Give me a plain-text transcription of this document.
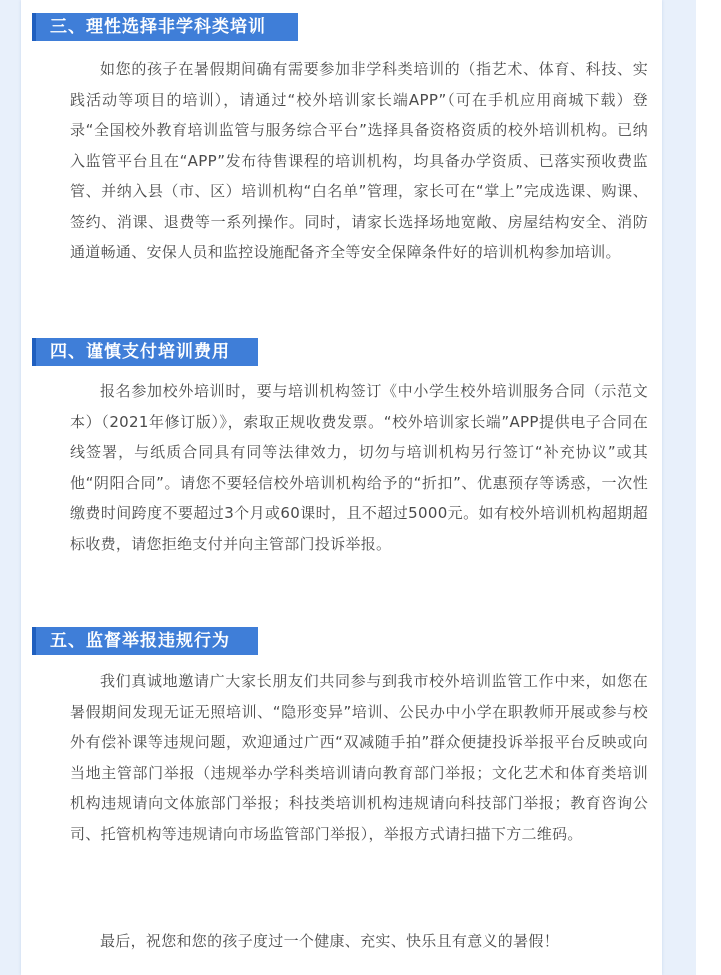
三、理性选择非学科类培训

如您的孩子在暑假期间确有需要参加非学科类培训的（指艺术、体育、科技、实践活动等项目的培训），请通过“校外培训家长端APP”（可在手机应用商城下载）登录“全国校外教育培训监管与服务综合平台”选择具备资格资质的校外培训机构。已纳入监管平台且在“APP”发布待售课程的培训机构，均具备办学资质、已落实预收费监管、并纳入县（市、区）培训机构“白名单”管理，家长可在“掌上”完成选课、购课、签约、消课、退费等一系列操作。同时，请家长选择场地宽敞、房屋结构安全、消防通道畅通、安保人员和监控设施配备齐全等安全保障条件好的培训机构参加培训。

四、谨慎支付培训费用

报名参加校外培训时，要与培训机构签订《中小学生校外培训服务合同（示范文本）（2021年修订版）》，索取正规收费发票。“校外培训家长端”APP提供电子合同在线签署，与纸质合同具有同等法律效力，切勿与培训机构另行签订“补充协议”或其他“阴阳合同”。请您不要轻信校外培训机构给予的“折扣”、优惠预存等诱惑，一次性缴费时间跨度不要超过3个月或60课时，且不超过5000元。如有校外培训机构超期超标收费，请您拒绝支付并向主管部门投诉举报。

五、监督举报违规行为

我们真诚地邀请广大家长朋友们共同参与到我市校外培训监管工作中来，如您在暑假期间发现无证无照培训、“隐形变异”培训、公民办中小学在职教师开展或参与校外有偿补课等违规问题，欢迎通过广西“双减随手拍”群众便捷投诉举报平台反映或向当地主管部门举报（违规举办学科类培训请向教育部门举报；文化艺术和体育类培训机构违规请向文体旅部门举报；科技类培训机构违规请向科技部门举报；教育咨询公司、托管机构等违规请向市场监管部门举报），举报方式请扫描下方二维码。

最后，祝您和您的孩子度过一个健康、充实、快乐且有意义的暑假！
